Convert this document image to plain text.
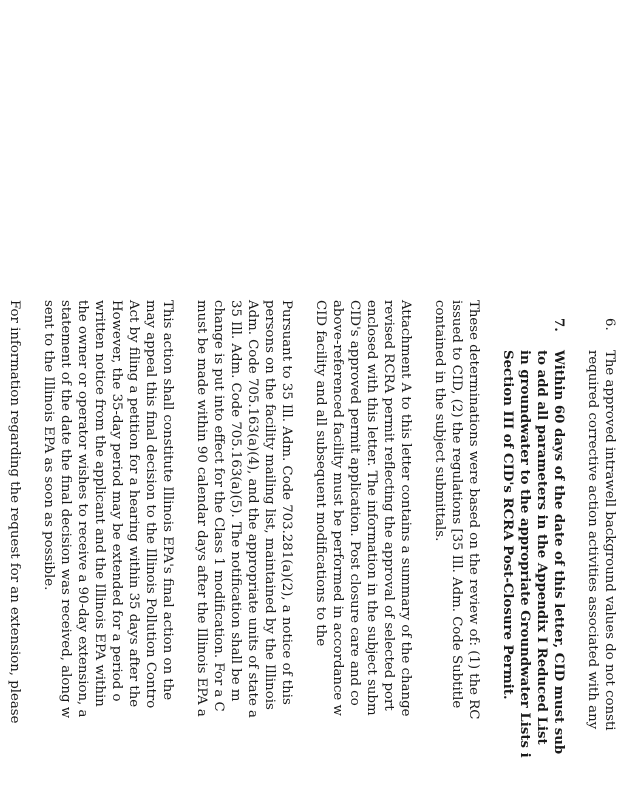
6.
The approved intrawell background values do not consti
required corrective action activities associated with any
7.
Within 60 days of the date of this letter, CID must sub
to add all parameters in the Appendix I Reduced List
in groundwater to the appropriate Groundwater Lists i
Section III of CID's RCRA Post-Closure Permit.
These determinations were based on the review of: (1) the RC
issued to CID, (2) the regulations [35 Ill. Adm. Code Subtitle
contained in the subject submittals.
Attachment A to this letter contains a summary of the change
revised RCRA permit reflecting the approval of selected port
enclosed with this letter. The information in the subject subm
CID's approved permit application. Post closure care and co
above-referenced facility must be performed in accordance w
CID facility and all subsequent modifications to the
Pursuant to 35 Ill. Adm. Code 703.281(a)(2), a notice of this
persons on the facility mailing list, maintained by the Illinois
Adm. Code 705.163(a)(4), and the appropriate units of state a
35 Ill. Adm. Code 705.163(a)(5). The notification shall be m
change is put into effect for the Class 1 modification. For a C
must be made within 90 calendar days after the Illinois EPA a
This action shall constitute Illinois EPA's final action on the
may appeal this final decision to the Illinois Pollution Contro
Act by filing a petition for a hearing within 35 days after the
However, the 35-day period may be extended for a period o
written notice from the applicant and the Illinois EPA within
the owner or operator wishes to receive a 90-day extension, a
statement of the date the final decision was received, along w
sent to the Illinois EPA as soon as possible.
For information regarding the request for an extension, please
